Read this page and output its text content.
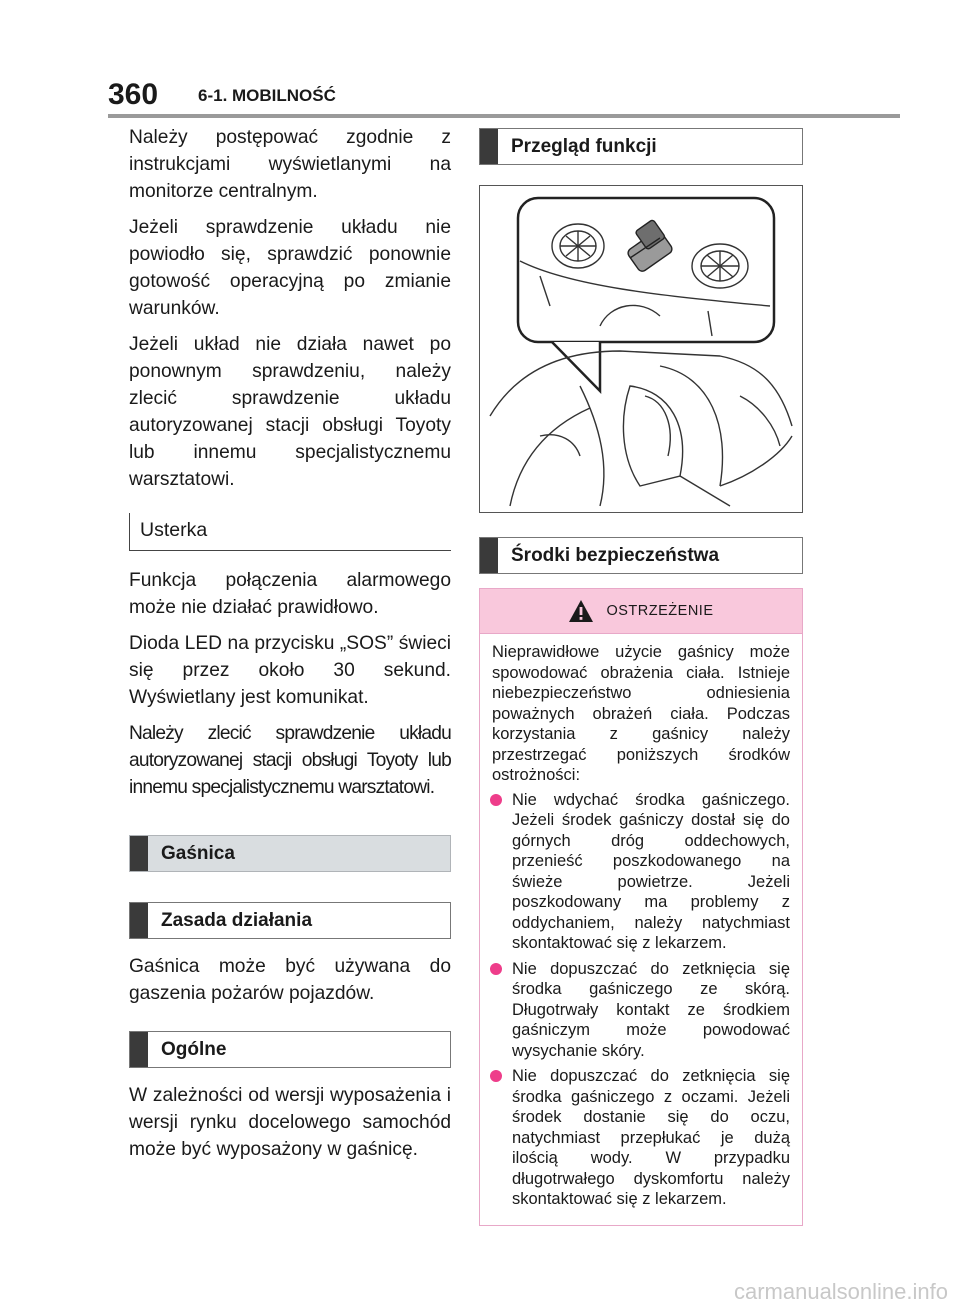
360 6-1. MOBILNOŚĆ

Należy postępować zgodnie z instrukcjami wyświetlanymi na monitorze centralnym.

Jeżeli sprawdzenie układu nie powiodło się, sprawdzić ponownie gotowość operacyjną po zmianie warunków.

Jeżeli układ nie działa nawet po ponownym sprawdzeniu, należy zlecić sprawdzenie układu autoryzowanej stacji obsługi Toyoty lub innemu specjalistycznemu warsztatowi.

Usterka

Funkcja połączenia alarmowego może nie działać prawidłowo.

Dioda LED na przycisku „SOS” świeci się przez około 30 sekund. Wyświetlany jest komunikat.

Należy zlecić sprawdzenie układu autoryzowanej stacji obsługi Toyoty lub innemu specjalistycznemu warsztatowi.

Gaśnica
Zasada działania

Gaśnica może być używana do gaszenia pożarów pojazdów.

Ogólne

W zależności od wersji wyposażenia i wersji rynku docelowego samochód może być wyposażony w gaśnicę.

Przegląd funkcji
Środki bezpieczeństwa
OSTRZEŻENIE

Nieprawidłowe użycie gaśnicy może spowodować obrażenia ciała. Istnieje niebezpieczeństwo odniesienia poważnych obrażeń ciała. Podczas korzystania z gaśnicy należy przestrzegać poniższych środków ostrożności:

Nie wdychać środka gaśniczego. Jeżeli środek gaśniczy dostał się do górnych dróg oddechowych, przenieść poszkodowanego na świeże powietrze. Jeżeli poszkodowany ma problemy z oddychaniem, należy natychmiast skontaktować się z lekarzem.
Nie dopuszczać do zetknięcia się środka gaśniczego ze skórą. Długotrwały kontakt ze środkiem gaśniczym może powodować wysychanie skóry.
Nie dopuszczać do zetknięcia się środka gaśniczego z oczami. Jeżeli środek dostanie się do oczu, natychmiast przepłukać je dużą ilością wody. W przypadku długotrwałego dyskomfortu należy skontaktować się z lekarzem.
carmanualsonline.info
